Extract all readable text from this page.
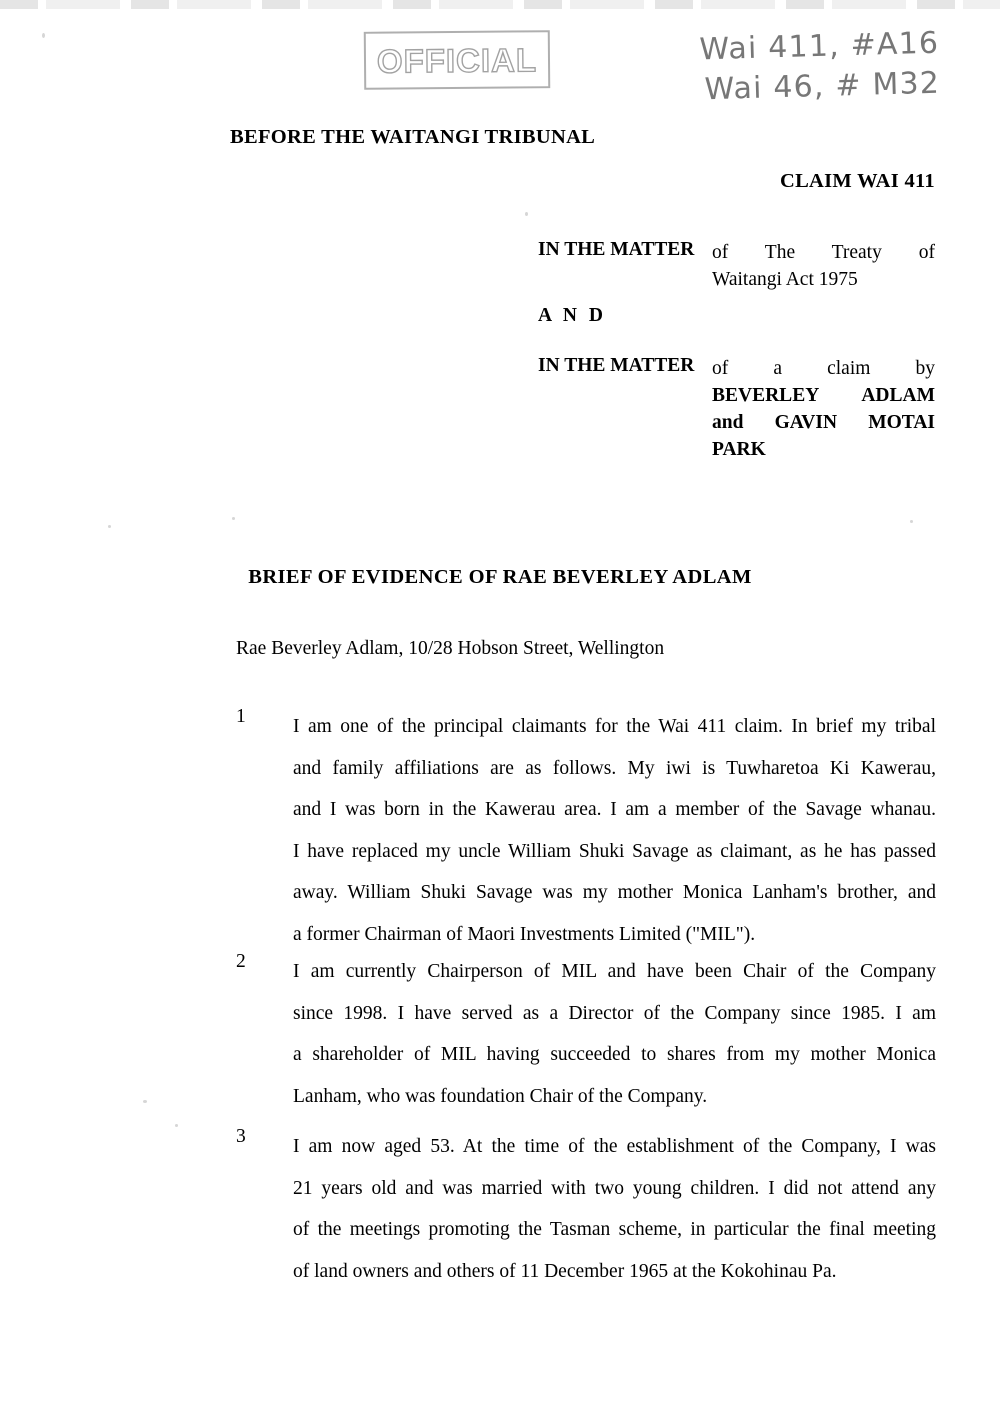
OFFICIAL	Wai 411, #A16
Wai 46, # M32
BEFORE THE WAITANGI TRIBUNAL
CLAIM WAI 411
IN THE MATTER of The Treaty of
Waitangi Act 1975
A N D
IN THE MATTER of a claim by
BEVERLEY ADLAM
and GAVIN MOTAI
PARK
BRIEF OF EVIDENCE OF RAE BEVERLEY ADLAM
Rae Beverley Adlam, 10/28 Hobson Street, Wellington
1	I am one of the principal claimants for the Wai 411 claim. In brief my tribal
and family affiliations are as follows. My iwi is Tuwharetoa Ki Kawerau,
and I was born in the Kawerau area. I am a member of the Savage whanau.
I have replaced my uncle William Shuki Savage as claimant, as he has passed
away. William Shuki Savage was my mother Monica Lanham's brother, and
a former Chairman of Maori Investments Limited ("MIL").
2	I am currently Chairperson of MIL and have been Chair of the Company
since 1998. I have served as a Director of the Company since 1985. I am
a shareholder of MIL having succeeded to shares from my mother Monica
Lanham, who was foundation Chair of the Company.
3	I am now aged 53. At the time of the establishment of the Company, I was
21 years old and was married with two young children. I did not attend any
of the meetings promoting the Tasman scheme, in particular the final meeting
of land owners and others of 11 December 1965 at the Kokohinau Pa.
